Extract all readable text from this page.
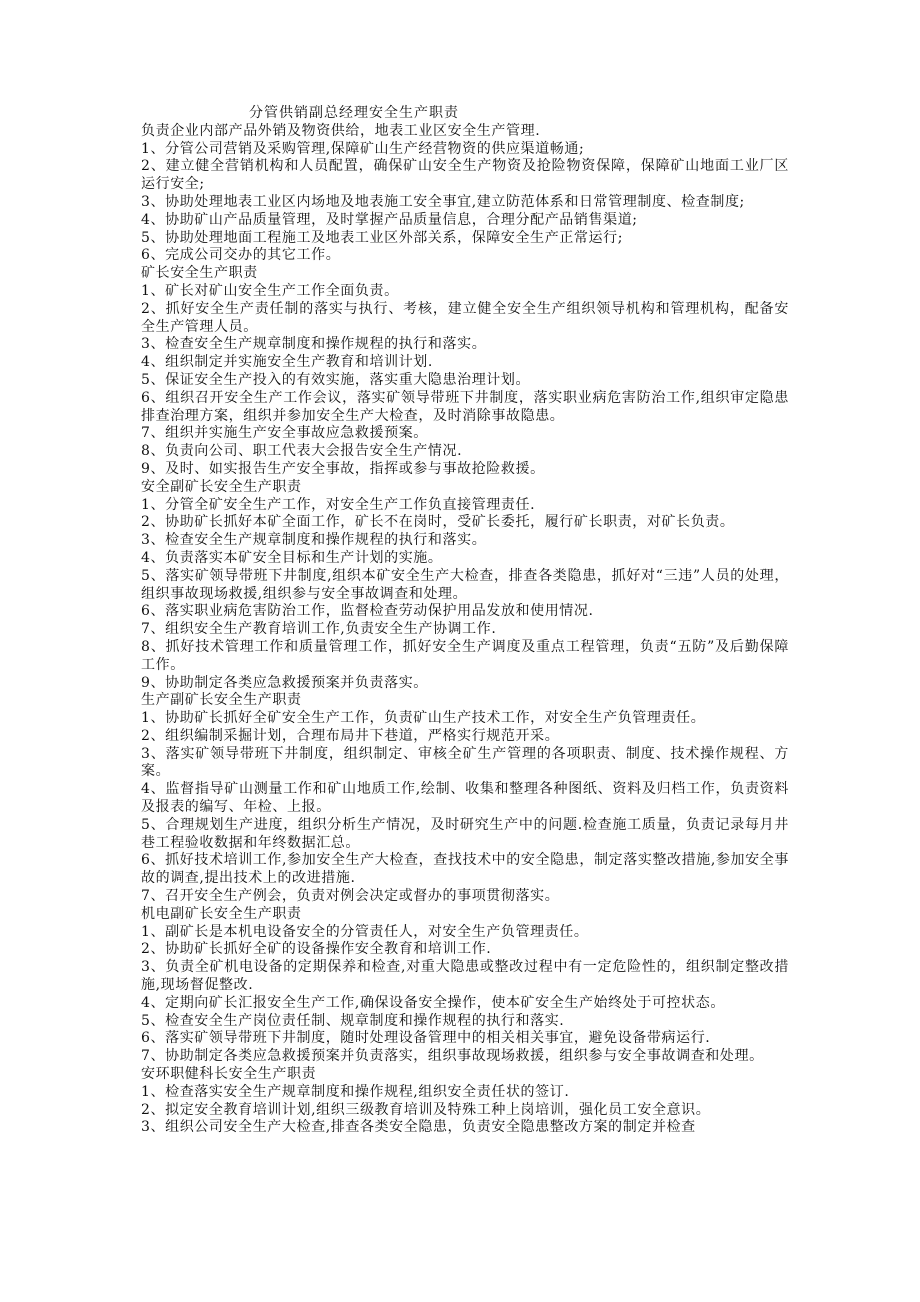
分管供销副总经理安全生产职责

负责企业内部产品外销及物资供给，地表工业区安全生产管理.

1、分管公司营销及采购管理,保障矿山生产经营物资的供应渠道畅通;

2、建立健全营销机构和人员配置，确保矿山安全生产物资及抢险物资保障，保障矿山地面工业厂区运行安全;

3、协助处理地表工业区内场地及地表施工安全事宜,建立防范体系和日常管理制度、检查制度;

4、协助矿山产品质量管理，及时掌握产品质量信息，合理分配产品销售渠道;

5、协助处理地面工程施工及地表工业区外部关系，保障安全生产正常运行;

6、完成公司交办的其它工作。

矿长安全生产职责

1、矿长对矿山安全生产工作全面负责。

2、抓好安全生产责任制的落实与执行、考核，建立健全安全生产组织领导机构和管理机构，配备安全生产管理人员。

3、检查安全生产规章制度和操作规程的执行和落实。

4、组织制定并实施安全生产教育和培训计划.

5、保证安全生产投入的有效实施，落实重大隐患治理计划。

6、组织召开安全生产工作会议，落实矿领导带班下井制度，落实职业病危害防治工作,组织审定隐患排查治理方案，组织并参加安全生产大检查，及时消除事故隐患。

7、组织并实施生产安全事故应急救援预案。

8、负责向公司、职工代表大会报告安全生产情况.

9、及时、如实报告生产安全事故，指挥或参与事故抢险救援。

安全副矿长安全生产职责

1、分管全矿安全生产工作，对安全生产工作负直接管理责任.

2、协助矿长抓好本矿全面工作，矿长不在岗时，受矿长委托，履行矿长职责，对矿长负责。

3、检查安全生产规章制度和操作规程的执行和落实。

4、负责落实本矿安全目标和生产计划的实施。

5、落实矿领导带班下井制度,组织本矿安全生产大检查，排查各类隐患，抓好对“三违”人员的处理，组织事故现场救援,组织参与安全事故调查和处理。

6、落实职业病危害防治工作，监督检查劳动保护用品发放和使用情况.

7、组织安全生产教育培训工作,负责安全生产协调工作.

8、抓好技术管理工作和质量管理工作，抓好安全生产调度及重点工程管理，负责“五防”及后勤保障工作。

9、协助制定各类应急救援预案并负责落实。

生产副矿长安全生产职责

1、协助矿长抓好全矿安全生产工作，负责矿山生产技术工作，对安全生产负管理责任。

2、组织编制采掘计划，合理布局井下巷道，严格实行规范开采。

3、落实矿领导带班下井制度，组织制定、审核全矿生产管理的各项职责、制度、技术操作规程、方案。

4、监督指导矿山测量工作和矿山地质工作,绘制、收集和整理各种图纸、资料及归档工作，负责资料及报表的编写、年检、上报。

5、合理规划生产进度，组织分析生产情况，及时研究生产中的问题.检查施工质量，负责记录每月井巷工程验收数据和年终数据汇总。

6、抓好技术培训工作,参加安全生产大检查，查找技术中的安全隐患，制定落实整改措施,参加安全事故的调查,提出技术上的改进措施.

7、召开安全生产例会，负责对例会决定或督办的事项贯彻落实。

机电副矿长安全生产职责

1、副矿长是本机电设备安全的分管责任人，对安全生产负管理责任。

2、协助矿长抓好全矿的设备操作安全教育和培训工作.

3、负责全矿机电设备的定期保养和检查,对重大隐患或整改过程中有一定危险性的，组织制定整改措施,现场督促整改.

4、定期向矿长汇报安全生产工作,确保设备安全操作，使本矿安全生产始终处于可控状态。

5、检查安全生产岗位责任制、规章制度和操作规程的执行和落实.

6、落实矿领导带班下井制度，随时处理设备管理中的相关相关事宜，避免设备带病运行.

7、协助制定各类应急救援预案并负责落实，组织事故现场救援，组织参与安全事故调查和处理。

安环职健科长安全生产职责

1、检查落实安全生产规章制度和操作规程,组织安全责任状的签订.

2、拟定安全教育培训计划,组织三级教育培训及特殊工种上岗培训，强化员工安全意识。

3、组织公司安全生产大检查,排查各类安全隐患，负责安全隐患整改方案的制定并检查
